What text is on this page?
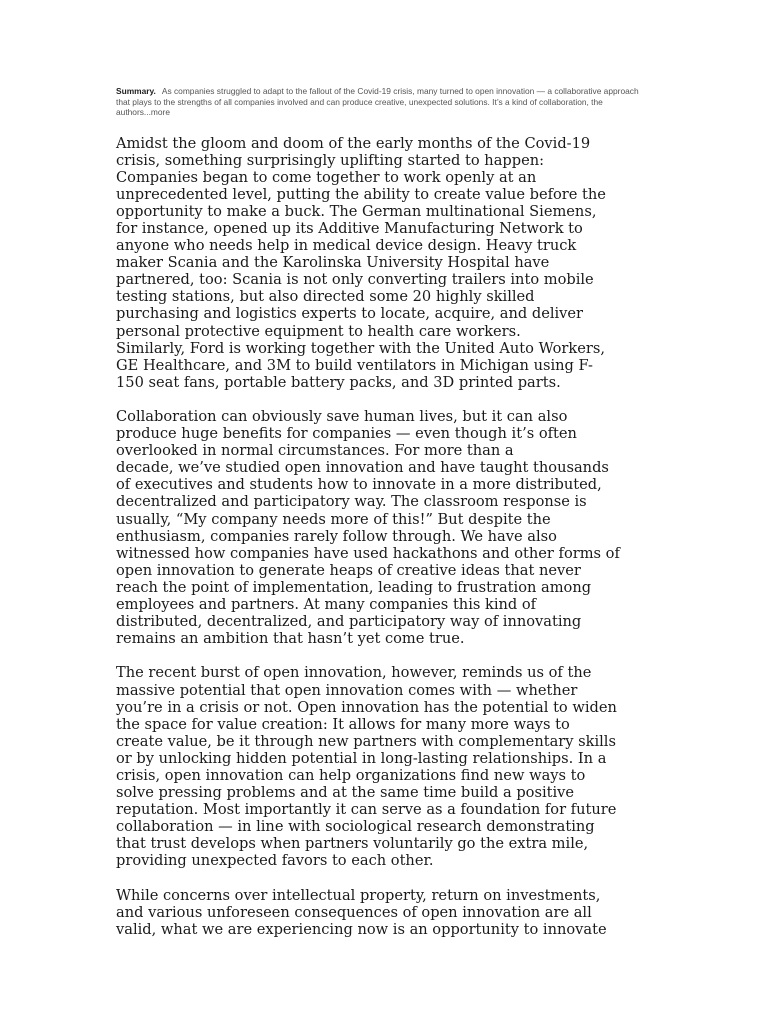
Summary. As companies struggled to adapt to the fallout of the Covid-19 crisis, many turned to open innovation — a collaborative approach that plays to the strengths of all companies involved and can produce creative, unexpected solutions. It’s a kind of collaboration, the authors...more

Amidst the gloom and doom of the early months of the Covid-19
crisis, something surprisingly uplifting started to happen:
Companies began to come together to work openly at an
unprecedented level, putting the ability to create value before the
opportunity to make a buck. The German multinational Siemens,
for instance, opened up its Additive Manufacturing Network to
anyone who needs help in medical device design. Heavy truck
maker Scania and the Karolinska University Hospital have
partnered, too: Scania is not only converting trailers into mobile
testing stations, but also directed some 20 highly skilled
purchasing and logistics experts to locate, acquire, and deliver
personal protective equipment to health care workers.
Similarly, Ford is working together with the United Auto Workers,
GE Healthcare, and 3M to build ventilators in Michigan using F-
150 seat fans, portable battery packs, and 3D printed parts.

Collaboration can obviously save human lives, but it can also
produce huge benefits for companies — even though it’s often
overlooked in normal circumstances. For more than a
decade, we’ve studied open innovation and have taught thousands
of executives and students how to innovate in a more distributed,
decentralized and participatory way. The classroom response is
usually, “My company needs more of this!” But despite the
enthusiasm, companies rarely follow through. We have also
witnessed how companies have used hackathons and other forms of
open innovation to generate heaps of creative ideas that never
reach the point of implementation, leading to frustration among
employees and partners. At many companies this kind of
distributed, decentralized, and participatory way of innovating
remains an ambition that hasn’t yet come true.

The recent burst of open innovation, however, reminds us of the
massive potential that open innovation comes with — whether
you’re in a crisis or not. Open innovation has the potential to widen
the space for value creation: It allows for many more ways to
create value, be it through new partners with complementary skills
or by unlocking hidden potential in long-lasting relationships. In a
crisis, open innovation can help organizations find new ways to
solve pressing problems and at the same time build a positive
reputation. Most importantly it can serve as a foundation for future
collaboration — in line with sociological research demonstrating
that trust develops when partners voluntarily go the extra mile,
providing unexpected favors to each other.

While concerns over intellectual property, return on investments,
and various unforeseen consequences of open innovation are all
valid, what we are experiencing now is an opportunity to innovate
